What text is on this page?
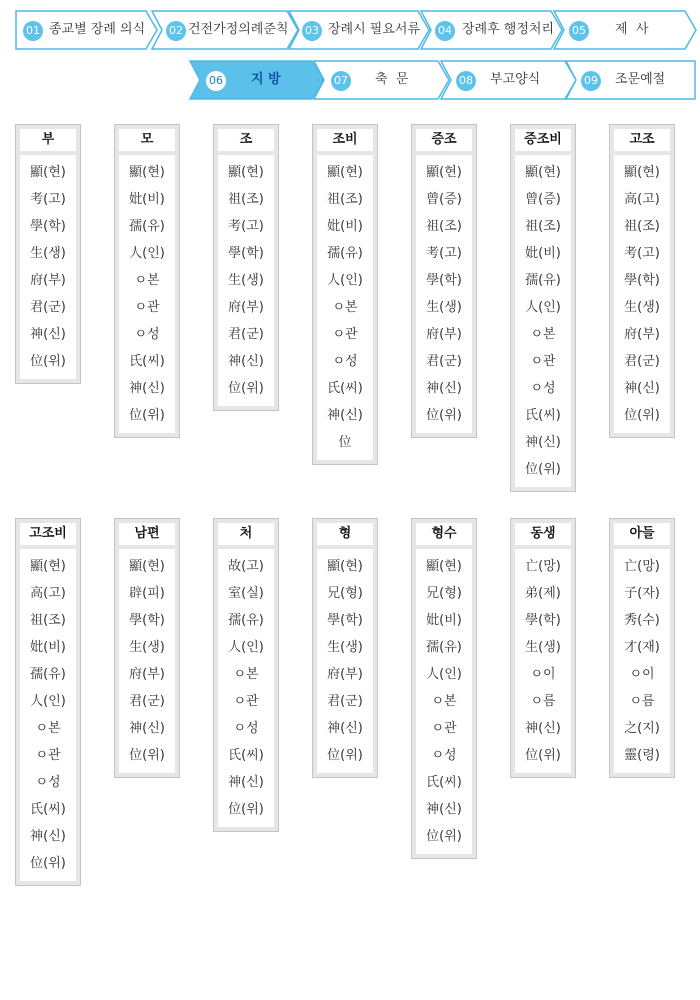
01 종교별 장례 의식 02 건전가정의례준칙 03 장례시 필요서류 04 장례후 행정처리 05 제  사
06 지 방	07 축  문	08 부고양식	09 조문예절
부
顯(현)
考(고)
學(학)
生(생)
府(부)
君(군)
神(신)
位(위)
모
顯(현)
妣(비)
孺(유)
人(인)
ㅇ본
ㅇ관
ㅇ성
氏(씨)
神(신)
位(위)
조
顯(현)
祖(조)
考(고)
學(학)
生(생)
府(부)
君(군)
神(신)
位(위)
조비
顯(현)
祖(조)
妣(비)
孺(유)
人(인)
ㅇ본
ㅇ관
ㅇ성
氏(씨)
神(신)
位
증조
顯(현)
曾(증)
祖(조)
考(고)
學(학)
生(생)
府(부)
君(군)
神(신)
位(위)
증조비
顯(현)
曾(증)
祖(조)
妣(비)
孺(유)
人(인)
ㅇ본
ㅇ관
ㅇ성
氏(씨)
神(신)
位(위)
고조
顯(현)
高(고)
祖(조)
考(고)
學(학)
生(생)
府(부)
君(군)
神(신)
位(위)
고조비
顯(현)
高(고)
祖(조)
妣(비)
孺(유)
人(인)
ㅇ본
ㅇ관
ㅇ성
氏(씨)
神(신)
位(위)
남편
顯(현)
辟(피)
學(학)
生(생)
府(부)
君(군)
神(신)
位(위)
처
故(고)
室(실)
孺(유)
人(인)
ㅇ본
ㅇ관
ㅇ성
氏(씨)
神(신)
位(위)
형
顯(현)
兄(형)
學(학)
生(생)
府(부)
君(군)
神(신)
位(위)
형수
顯(현)
兄(형)
妣(비)
孺(유)
人(인)
ㅇ본
ㅇ관
ㅇ성
氏(씨)
神(신)
位(위)
동생
亡(망)
弟(제)
學(학)
生(생)
ㅇ이
ㅇ름
神(신)
位(위)
아들
亡(망)
子(자)
秀(수)
才(재)
ㅇ이
ㅇ름
之(지)
靈(령)
